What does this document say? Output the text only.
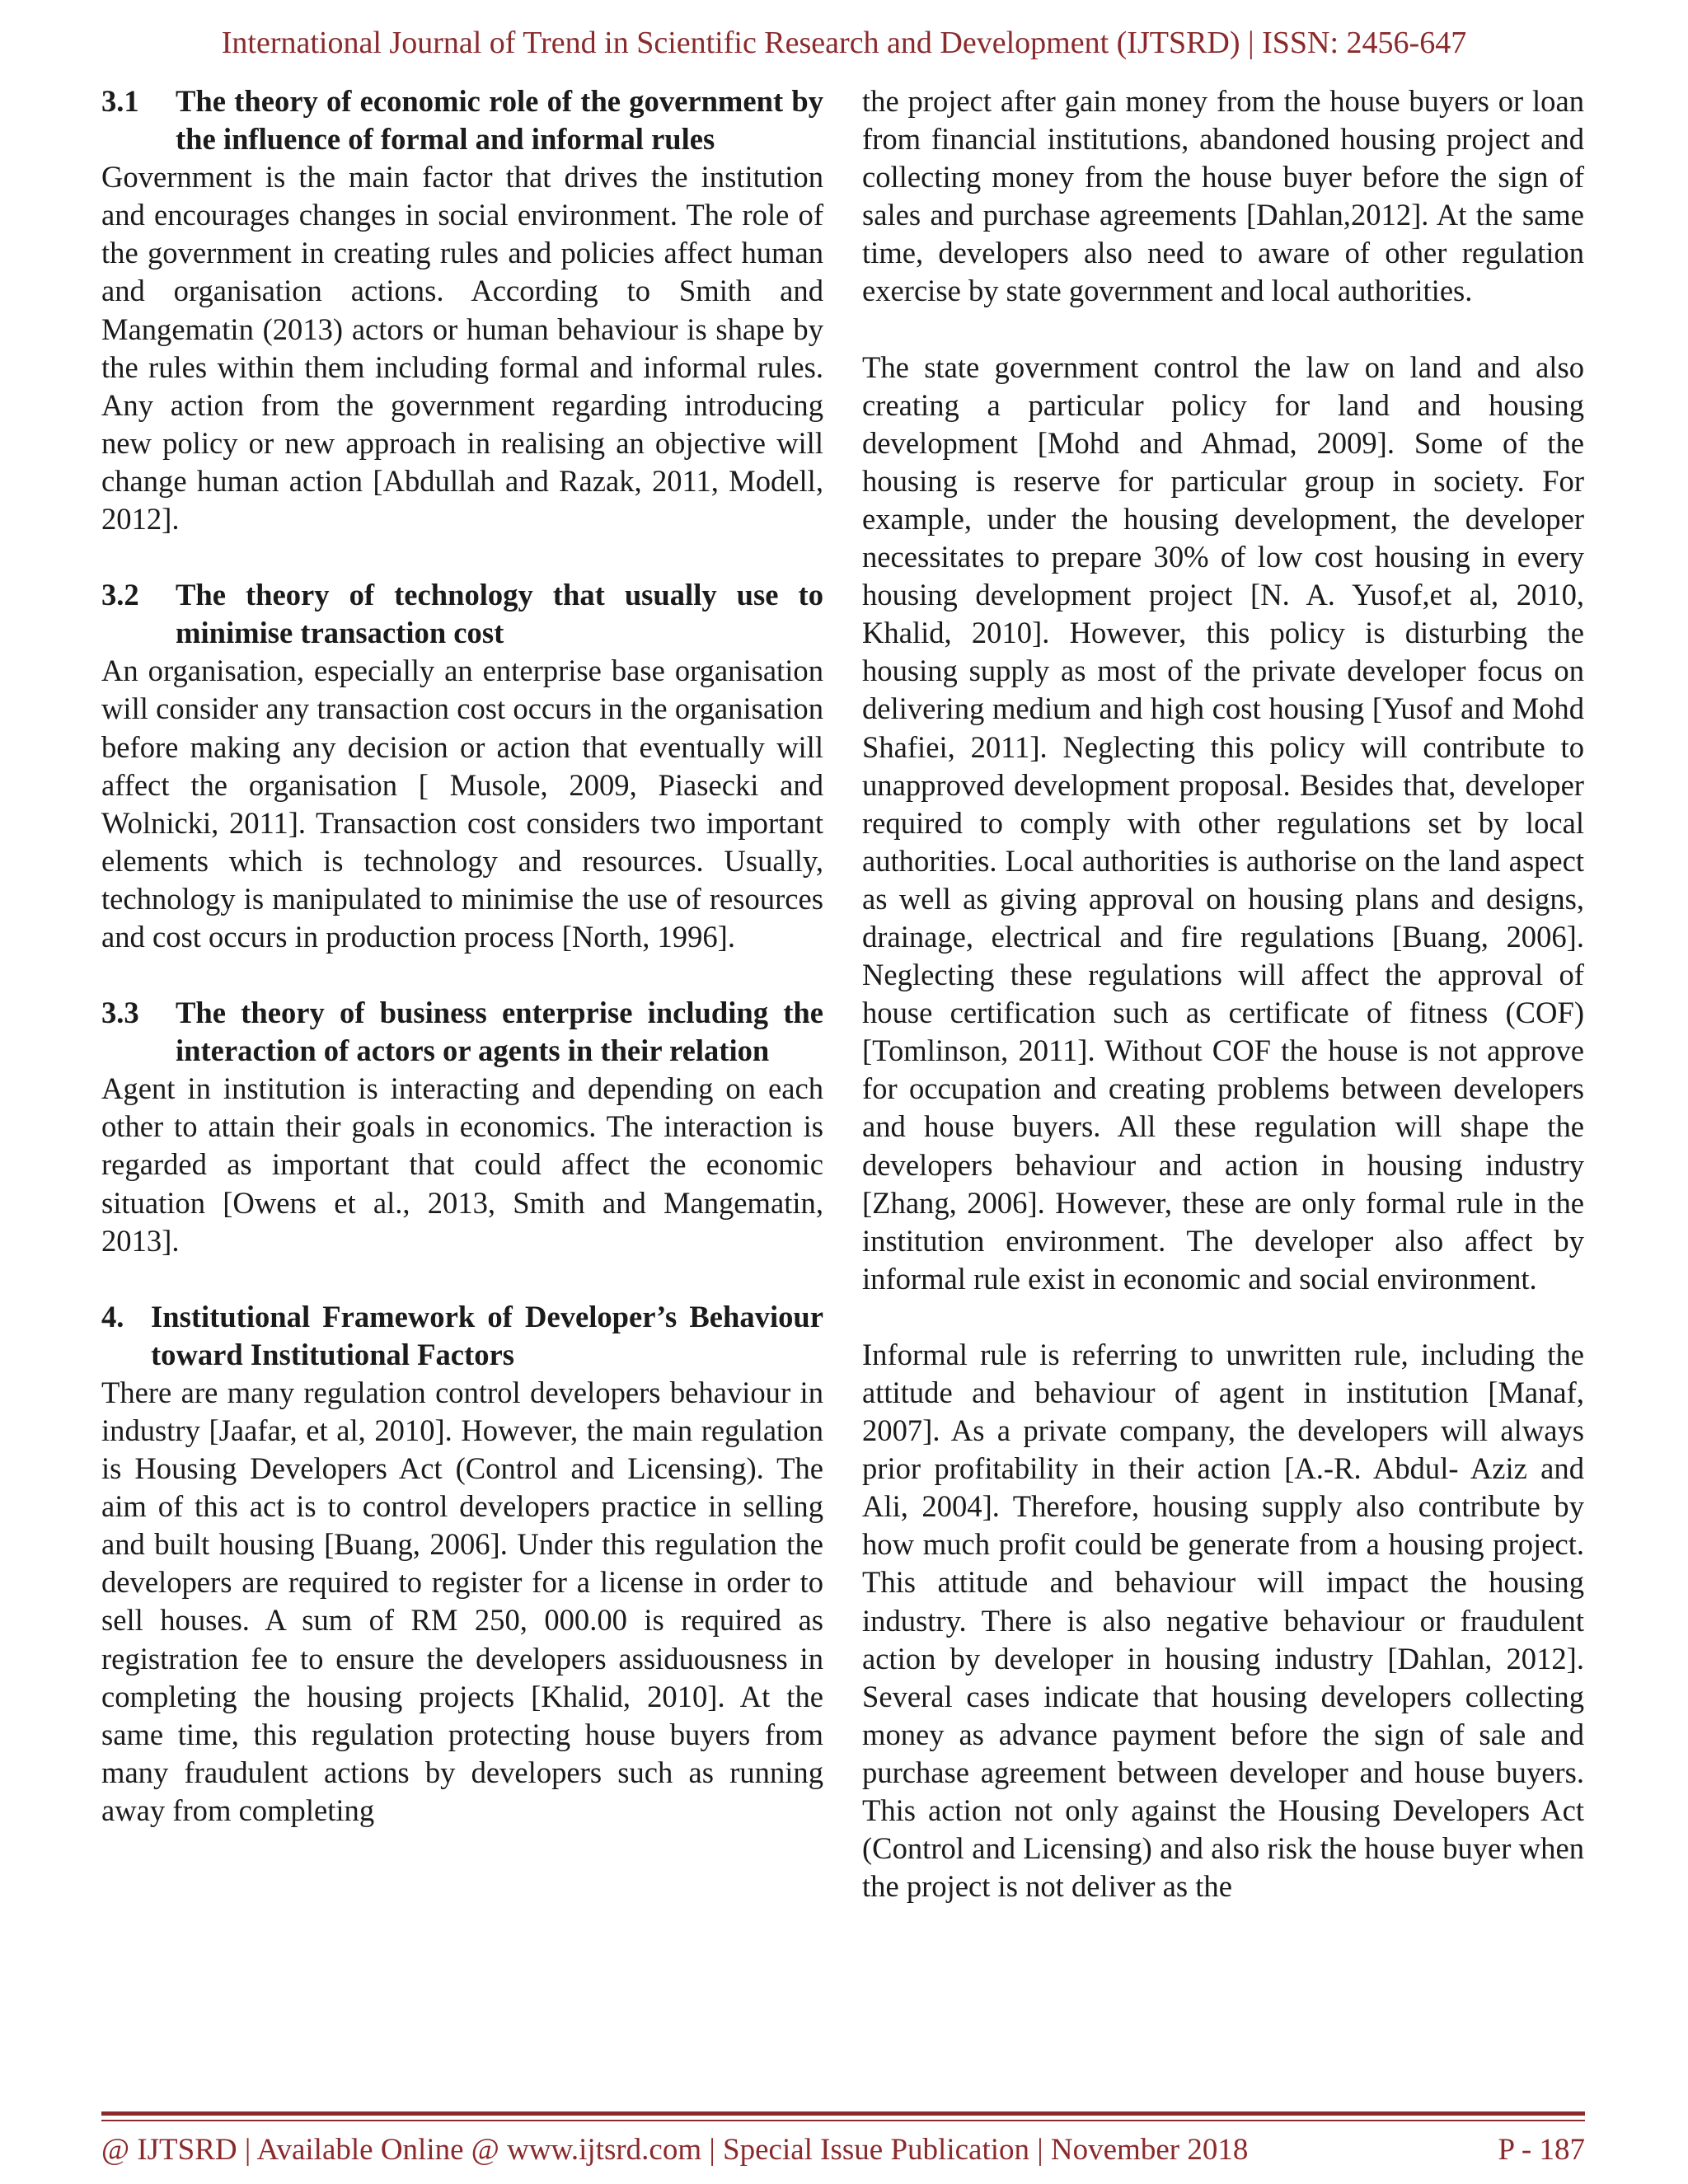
International Journal of Trend in Scientific Research and Development (IJTSRD) | ISSN: 2456-647
3.1	The theory of economic role of the government by the influence of formal and informal rules

Government is the main factor that drives the institution and encourages changes in social environment. The role of the government in creating rules and policies affect human and organisation actions. According to Smith and Mangematin (2013) actors or human behaviour is shape by the rules within them including formal and informal rules. Any action from the government regarding introducing new policy or new approach in realising an objective will change human action [Abdullah and Razak, 2011, Modell, 2012].

3.2	The theory of technology that usually use to minimise transaction cost

An organisation, especially an enterprise base organisation will consider any transaction cost occurs in the organisation before making any decision or action that eventually will affect the organisation [ Musole, 2009, Piasecki and Wolnicki, 2011]. Transaction cost considers two important elements which is technology and resources. Usually, technology is manipulated to minimise the use of resources and cost occurs in production process [North, 1996].

3.3	The theory of business enterprise including the interaction of actors or agents in their relation

Agent in institution is interacting and depending on each other to attain their goals in economics. The interaction is regarded as important that could affect the economic situation [Owens et al., 2013, Smith and Mangematin, 2013].

4. Institutional Framework of Developer’s Behaviour toward Institutional Factors

There are many regulation control developers behaviour in industry [Jaafar, et al, 2010]. However, the main regulation is Housing Developers Act (Control and Licensing). The aim of this act is to control developers practice in selling and built housing [Buang, 2006]. Under this regulation the developers are required to register for a license in order to sell houses. A sum of RM 250, 000.00 is required as registration fee to ensure the developers assiduousness in completing the housing projects [Khalid, 2010]. At the same time, this regulation protecting house buyers from many fraudulent actions by developers such as running away from completing

the project after gain money from the house buyers or loan from financial institutions, abandoned housing project and collecting money from the house buyer before the sign of sales and purchase agreements [Dahlan,2012]. At the same time, developers also need to aware of other regulation exercise by state government and local authorities.

The state government control the law on land and also creating a particular policy for land and housing development [Mohd and Ahmad, 2009]. Some of the housing is reserve for particular group in society. For example, under the housing development, the developer necessitates to prepare 30% of low cost housing in every housing development project [N. A. Yusof,et al, 2010, Khalid, 2010]. However, this policy is disturbing the housing supply as most of the private developer focus on delivering medium and high cost housing [Yusof and Mohd Shafiei, 2011]. Neglecting this policy will contribute to unapproved development proposal. Besides that, developer required to comply with other regulations set by local authorities. Local authorities is authorise on the land aspect as well as giving approval on housing plans and designs, drainage, electrical and fire regulations [Buang, 2006]. Neglecting these regulations will affect the approval of house certification such as certificate of fitness (COF) [Tomlinson, 2011]. Without COF the house is not approve for occupation and creating problems between developers and house buyers. All these regulation will shape the developers behaviour and action in housing industry [Zhang, 2006]. However, these are only formal rule in the institution environment. The developer also affect by informal rule exist in economic and social environment.

Informal rule is referring to unwritten rule, including the attitude and behaviour of agent in institution [Manaf, 2007]. As a private company, the developers will always prior profitability in their action [A.-R. Abdul- Aziz and Ali, 2004]. Therefore, housing supply also contribute by how much profit could be generate from a housing project. This attitude and behaviour will impact the housing industry. There is also negative behaviour or fraudulent action by developer in housing industry [Dahlan, 2012]. Several cases indicate that housing developers collecting money as advance payment before the sign of sale and purchase agreement between developer and house buyers. This action not only against the Housing Developers Act (Control and Licensing) and also risk the house buyer when the project is not deliver as the

@ IJTSRD | Available Online @ www.ijtsrd.com | Special Issue Publication | November 2018	P - 187
